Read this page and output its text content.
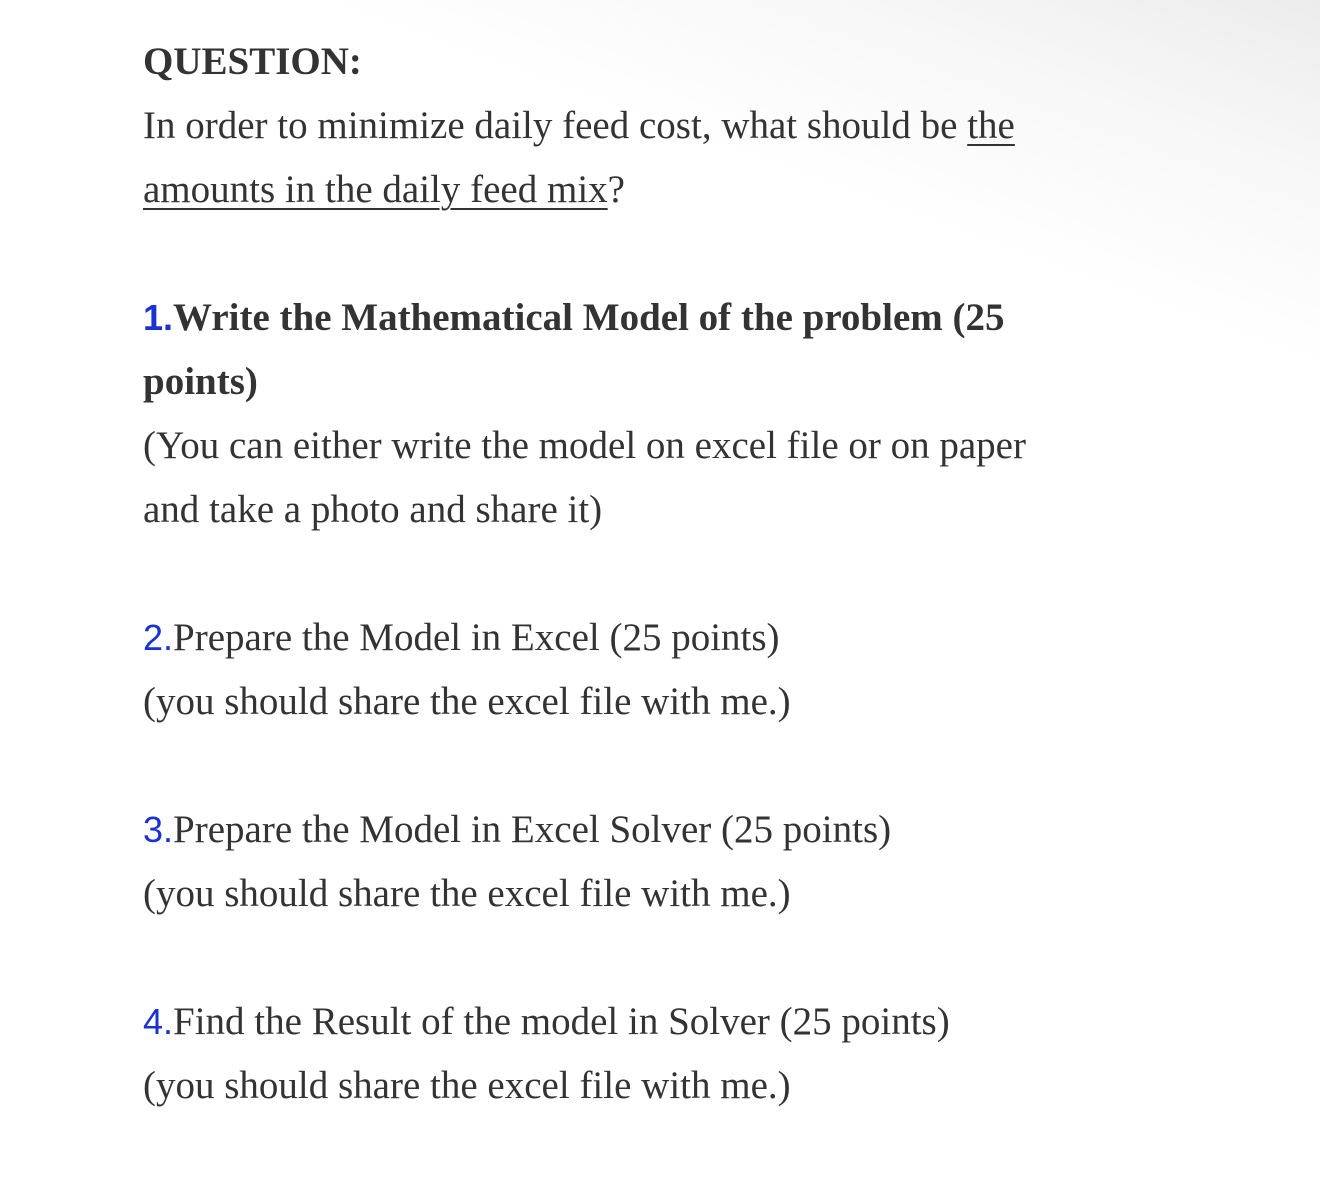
QUESTION:

In order to minimize daily feed cost, what should be the

amounts in the daily feed mix?

1.Write the Mathematical Model of the problem (25

points)

(You can either write the model on excel file or on paper

and take a photo and share it)

2.Prepare the Model in Excel (25 points)

(you should share the excel file with me.)

3.Prepare the Model in Excel Solver (25 points)

(you should share the excel file with me.)

4.Find the Result of the model in Solver (25 points)

(you should share the excel file with me.)
